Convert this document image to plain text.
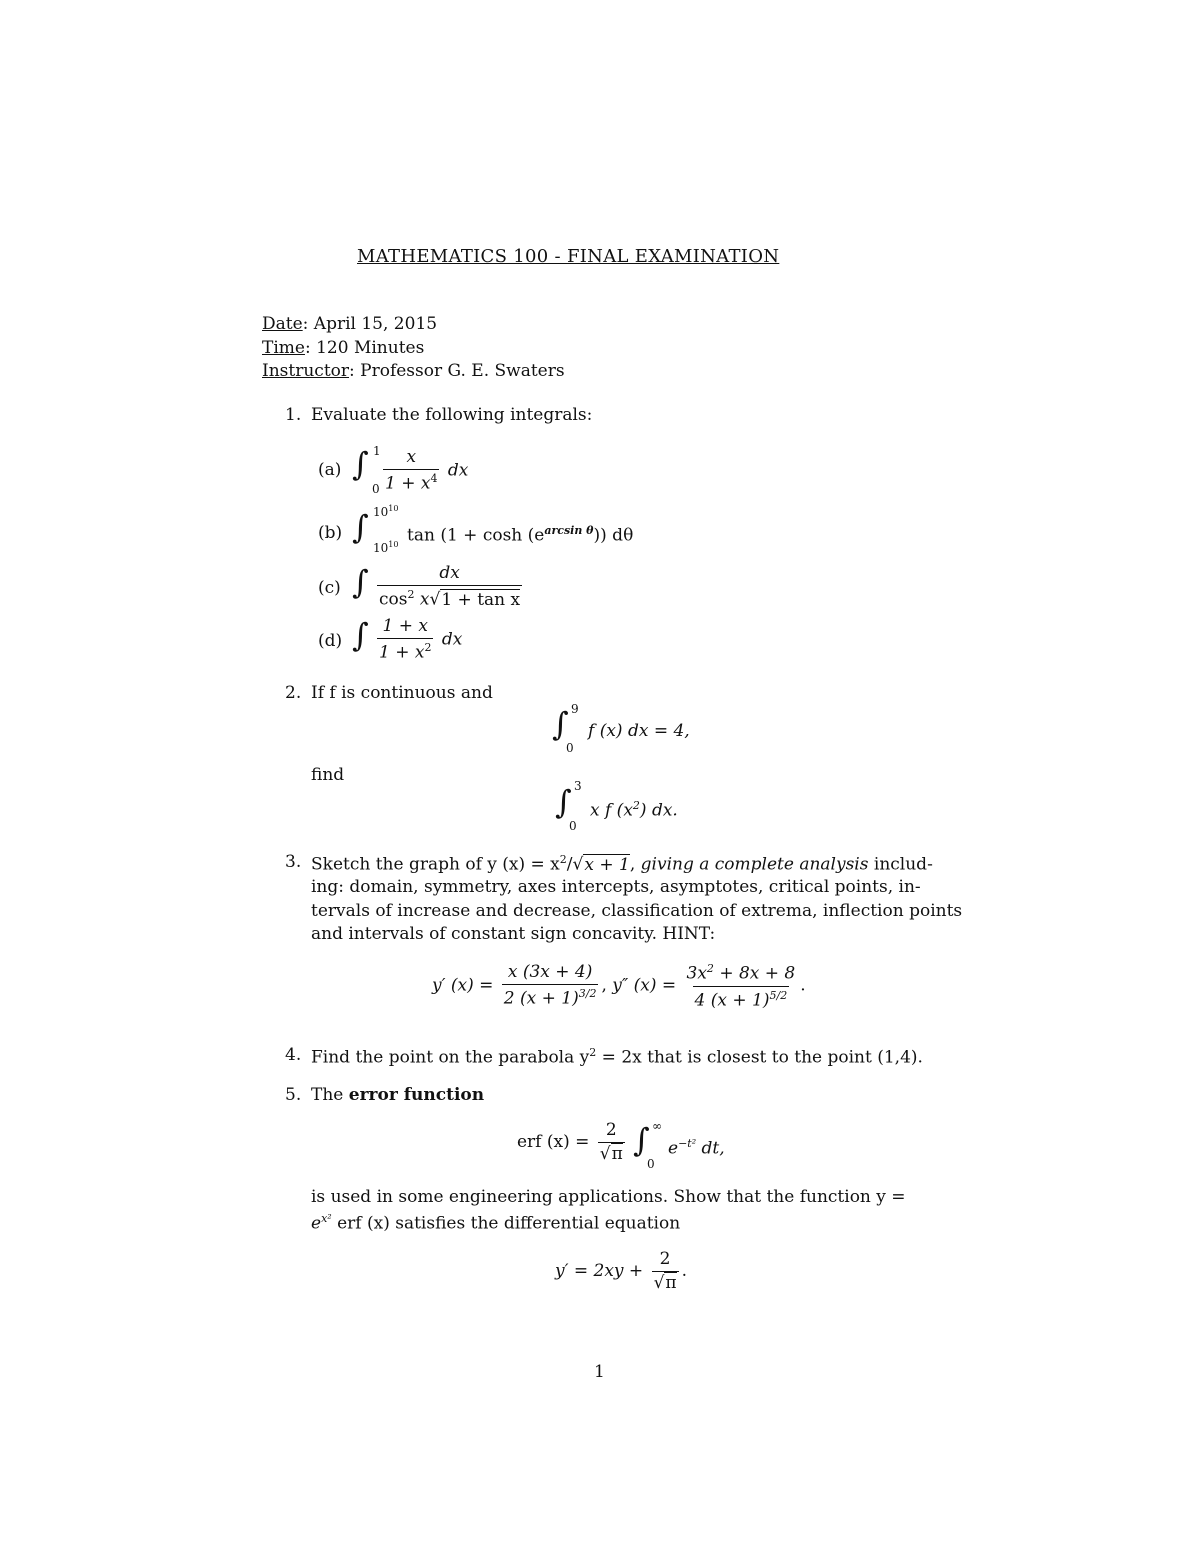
MATHEMATICS 100 - FINAL EXAMINATION
Date: April 15, 2015
Time: 120 Minutes
Instructor: Professor G. E. Swaters
1. Evaluate the following integrals:
(a) ∫ 1
$0 \frac{x}{1 + x^4}$ dx
(b) ∫ $10^{10}$
$10^{10}$ $\tan (1 + \cosh (e^{arcsin \theta}))$ dθ
(c) ∫ $\frac{dx}{\cos^2 x√1 + \tan x}$
(d) ∫ $\frac{1 + x}{1 + x^2}$ dx
2. If f is continuous and
∫ 9
0
f (x) dx = 4,
find
∫ 3
0
x f $(x^2)$ dx.
3. Sketch the graph of y $(x) = x^2/√x + 1$, giving a complete analysis includ-
ing: domain, symmetry, axes intercepts, asymptotes, critical points, in-
tervals of increase and decrease, classification of extrema, inflection points
and intervals of constant sign concavity. HINT:
y′ $(x) = \frac{x (3x + 4)}{2 (x + 1)^{3/2}}$ , y″ $(x) = \frac{3x^2 + 8x + 8}{4 (x + 1)^{5/2}}$ .
4. Find the point on the parabola $y^2 = 2x$ that is closest to the point (1,4).
5. The error function
erf $(x) = \frac{2}{√\pi}$ ∫ ∞
0
$e^{-t^2}$ dt,
is used in some engineering applications. Show that the function y =
$e^{x^2}$ erf (x) satisfies the differential equation
$y' = 2xy + \frac{2}{√\pi}$ .
1
